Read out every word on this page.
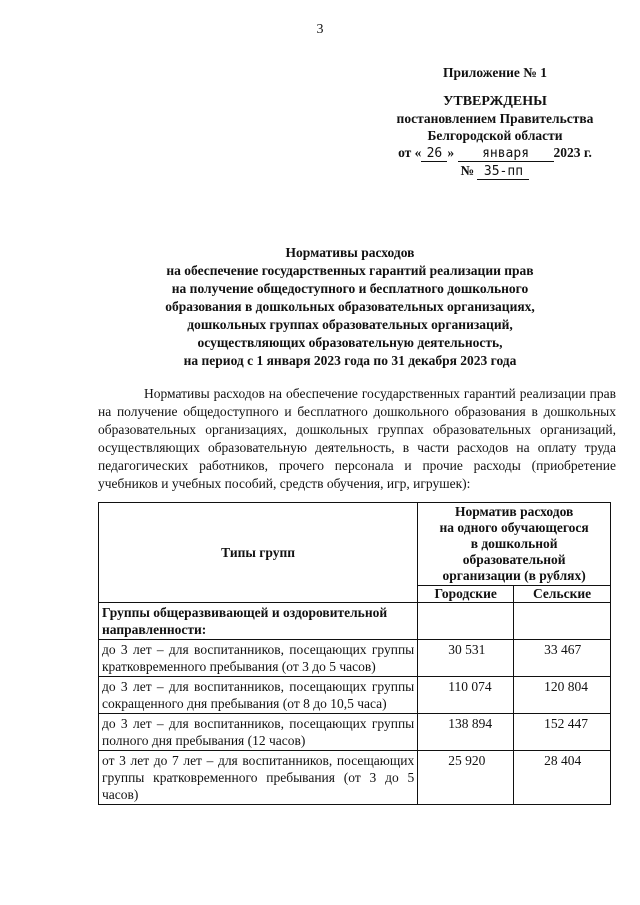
3
Приложение № 1
УТВЕРЖДЕНЫ
постановлением Правительства
Белгородской области
от « 26 » января 2023 г.
№ 35-пп
Нормативы расходов
на обеспечение государственных гарантий реализации прав
на получение общедоступного и бесплатного дошкольного
образования в дошкольных образовательных организациях,
дошкольных группах образовательных организаций,
осуществляющих образовательную деятельность,
на период с 1 января 2023 года по 31 декабря 2023 года
Нормативы расходов на обеспечение государственных гарантий реализации прав на получение общедоступного и бесплатного дошкольного образования в дошкольных образовательных организациях, дошкольных группах образовательных организаций, осуществляющих образовательную деятельность, в части расходов на оплату труда педагогических работников, прочего персонала и прочие расходы (приобретение учебников и учебных пособий, средств обучения, игр, игрушек):
Типы групп	Норматив расходов
на одного обучающегося
в дошкольной
образовательной
организации (в рублях)	

	Городские	Сельские
Группы общеразвивающей и оздоровительной направленности:		
до 3 лет – для воспитанников, посещающих группы кратковременного пребывания (от 3 до 5 часов)	30 531	33 467
до 3 лет – для воспитанников, посещающих группы сокращенного дня пребывания (от 8 до 10,5 часа)	110 074	120 804
до 3 лет – для воспитанников, посещающих группы полного дня пребывания (12 часов)	138 894	152 447
от 3 лет до 7 лет – для воспитанников, посещающих группы кратковременного пребывания (от 3 до 5 часов)	25 920	28 404
